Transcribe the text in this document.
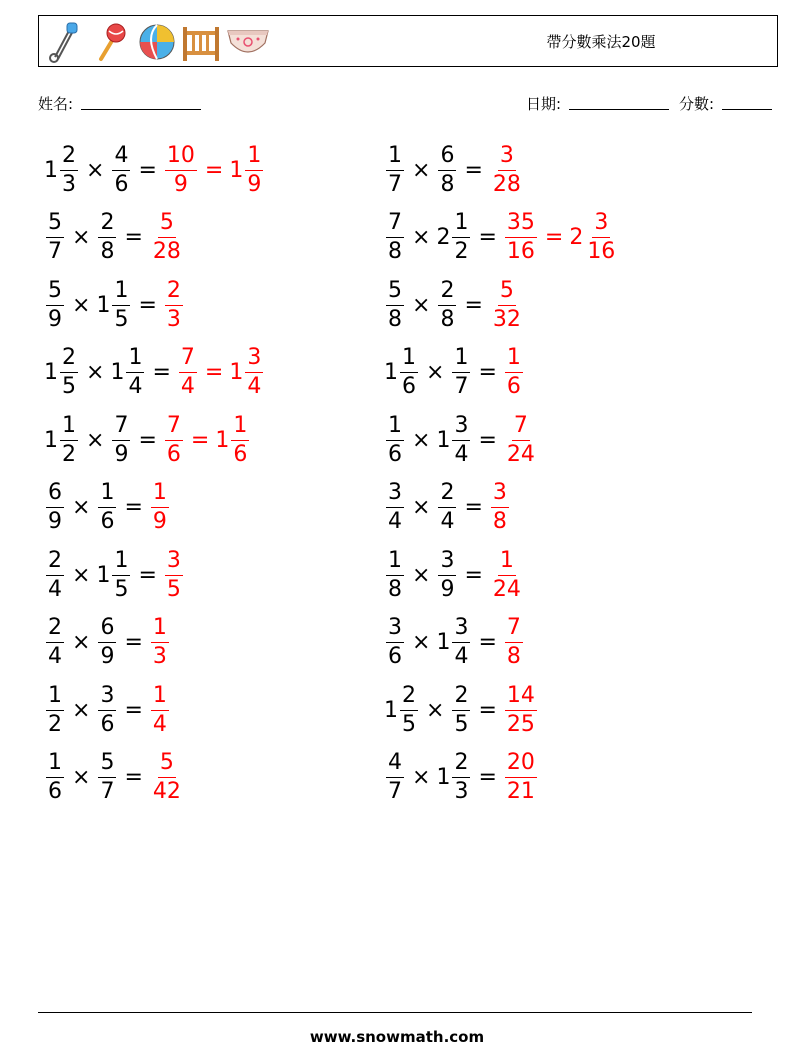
帶分數乘法20題
姓名:	日期:	分數:
$1 \frac{2}{3} \times \frac{4}{6} = \frac{10}{9} = 1 \frac{1}{9}$
$\frac{5}{7} \times \frac{2}{8} = \frac{5}{28}$
$\frac{5}{9} \times 1 \frac{1}{5} = \frac{2}{3}$
$1 \frac{2}{5} \times 1 \frac{1}{4} = \frac{7}{4} = 1 \frac{3}{4}$
$1 \frac{1}{2} \times \frac{7}{9} = \frac{7}{6} = 1 \frac{1}{6}$
$\frac{6}{9} \times \frac{1}{6} = \frac{1}{9}$
$\frac{2}{4} \times 1 \frac{1}{5} = \frac{3}{5}$
$\frac{2}{4} \times \frac{6}{9} = \frac{1}{3}$
$\frac{1}{2} \times \frac{3}{6} = \frac{1}{4}$
$\frac{1}{6} \times \frac{5}{7} = \frac{5}{42}$
$\frac{1}{7} \times \frac{6}{8} = \frac{3}{28}$
$\frac{7}{8} \times 2 \frac{1}{2} = \frac{35}{16} = 2 \frac{3}{16}$
$\frac{5}{8} \times \frac{2}{8} = \frac{5}{32}$
$1 \frac{1}{6} \times \frac{1}{7} = \frac{1}{6}$
$\frac{1}{6} \times 1 \frac{3}{4} = \frac{7}{24}$
$\frac{3}{4} \times \frac{2}{4} = \frac{3}{8}$
$\frac{1}{8} \times \frac{3}{9} = \frac{1}{24}$
$\frac{3}{6} \times 1 \frac{3}{4} = \frac{7}{8}$
$1 \frac{2}{5} \times \frac{2}{5} = \frac{14}{25}$
$\frac{4}{7} \times 1 \frac{2}{3} = \frac{20}{21}$
www.snowmath.com
